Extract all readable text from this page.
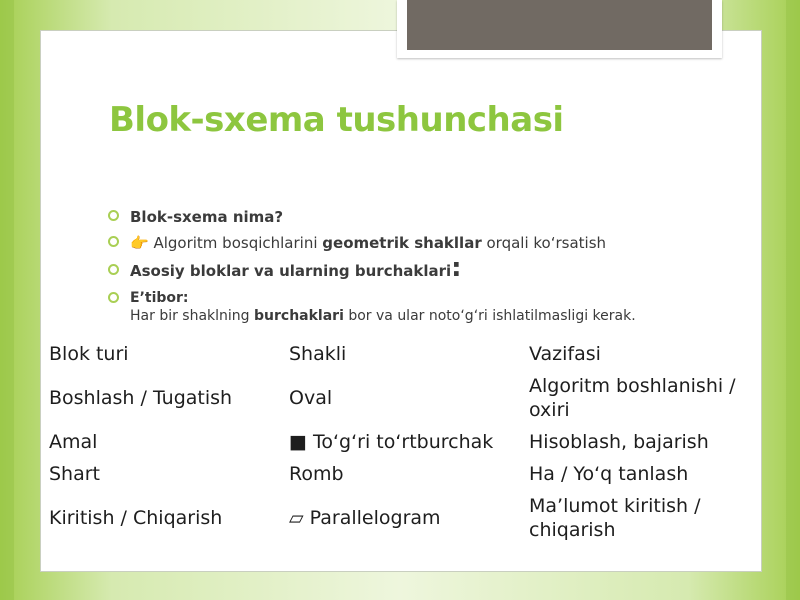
Blok-sxema tushunchasi
Blok-sxema nima?
👉 Algoritm bosqichlarini geometrik shakllar orqali ko‘rsatish
Asosiy bloklar va ularning burchaklari:
E’tibor:
Har bir shaklning burchaklari bor va ular noto‘g‘ri ishlatilmasligi kerak.
Blok turi	Shakli	Vazifasi
Boshlash / Tugatish	Oval	Algoritm boshlanishi / oxiri
Amal	■ To‘g‘ri to‘rtburchak	Hisoblash, bajarish
Shart	Romb	Ha / Yo‘q tanlash
Kiritish / Chiqarish	▱ Parallelogram	Ma’lumot kiritish / chiqarish
